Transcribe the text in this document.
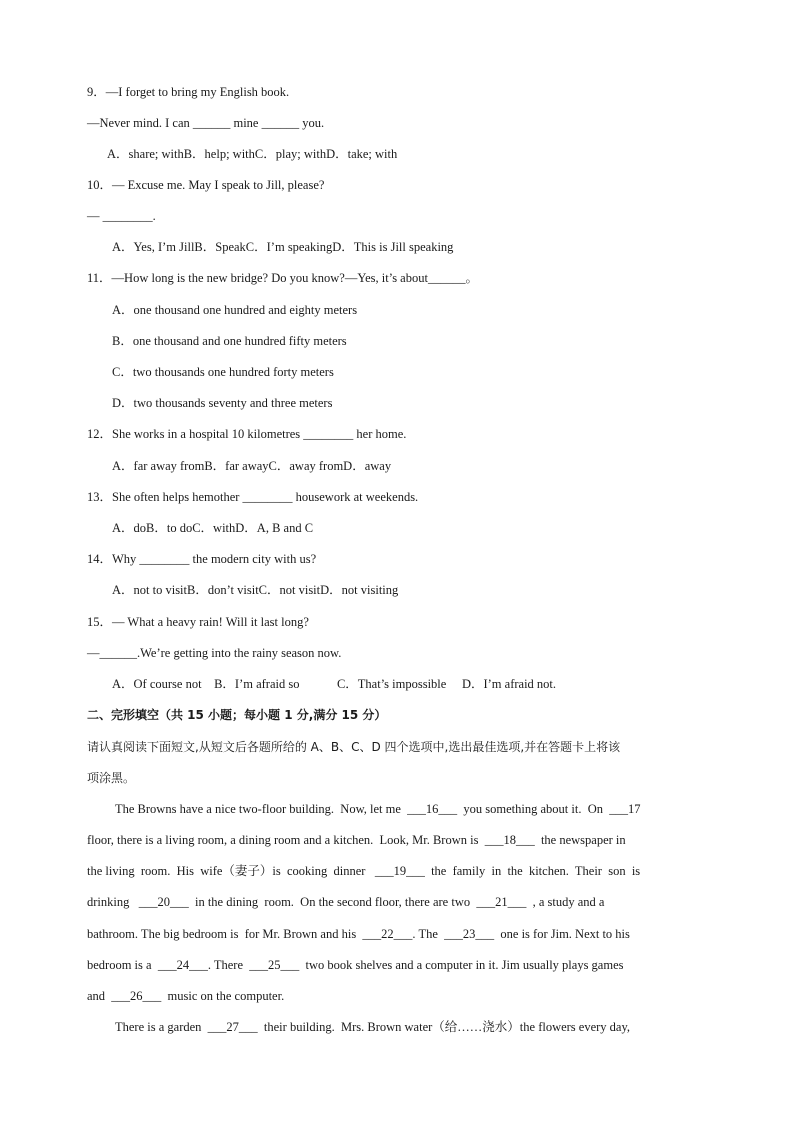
9．—I forget to bring my English book.
—Never mind. I can ______ mine ______ you.
A．share; withB．help; withC．play; withD．take; with
10．— Excuse me. May I speak to Jill, please?
— ________.
A．Yes, I’m JillB．SpeakC．I’m speakingD．This is Jill speaking
11．—How long is the new bridge? Do you know?—Yes, it’s about______。
A．one thousand one hundred and eighty meters
B．one thousand and one hundred fifty meters
C．two thousands one hundred forty meters
D．two thousands seventy and three meters
12．She works in a hospital 10 kilometres ________ her home.
A．far away fromB．far awayC．away fromD．away
13．She often helps hemother ________ housework at weekends.
A．doB．to doC．withD．A, B and C
14．Why ________ the modern city with us?
A．not to visitB．don’t visitC．not visitD．not visiting
15．— What a heavy rain! Will it last long?
—______.We’re getting into the rainy season now.
A．Of course not    B．I’m afraid so            C．That’s impossible     D．I’m afraid not.
二、完形填空（共 15 小题；每小题 1 分,满分 15 分）
请认真阅读下面短文,从短文后各题所给的 A、B、C、D 四个选项中,选出最佳选项,并在答题卡上将该
项涂黑。
The Browns have a nice two-floor building.  Now, let me  ___16___  you something about it.  On  ___17
floor, there is a living room, a dining room and a kitchen.  Look, Mr. Brown is  ___18___  the newspaper in
the living  room.  His  wife（妻子）is  cooking  dinner   ___19___  the  family  in  the  kitchen.  Their  son  is
drinking   ___20___  in the dining  room.  On the second floor, there are two  ___21___  , a study and a
bathroom. The big bedroom is  for Mr. Brown and his  ___22___. The  ___23___  one is for Jim. Next to his
bedroom is a  ___24___. There  ___25___  two book shelves and a computer in it. Jim usually plays games
and  ___26___  music on the computer.
There is a garden  ___27___  their building.  Mrs. Brown water（给……浇水）the flowers every day,
